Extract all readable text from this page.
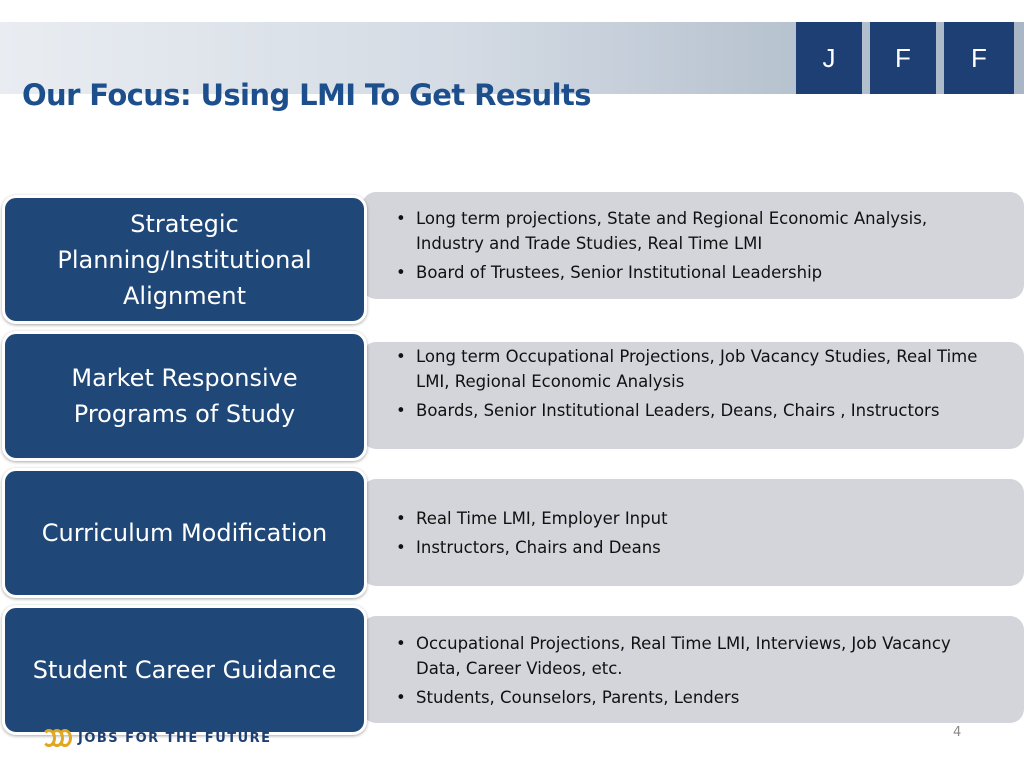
J	F	F
Our Focus: Using LMI To Get Results
Strategic Planning/Institutional Alignment
• Long term projections, State and Regional Economic Analysis, Industry and Trade Studies, Real Time LMI
• Board of Trustees, Senior Institutional Leadership
Market Responsive Programs of Study
• Long term Occupational Projections, Job Vacancy Studies, Real Time LMI, Regional Economic Analysis
• Boards, Senior Institutional Leaders, Deans, Chairs , Instructors
Curriculum Modification
• Real Time LMI, Employer Input
• Instructors, Chairs and Deans
Student Career Guidance
• Occupational Projections, Real Time LMI, Interviews, Job Vacancy Data, Career Videos, etc.
• Students, Counselors, Parents, Lenders
JOBS FOR THE FUTURE	4
